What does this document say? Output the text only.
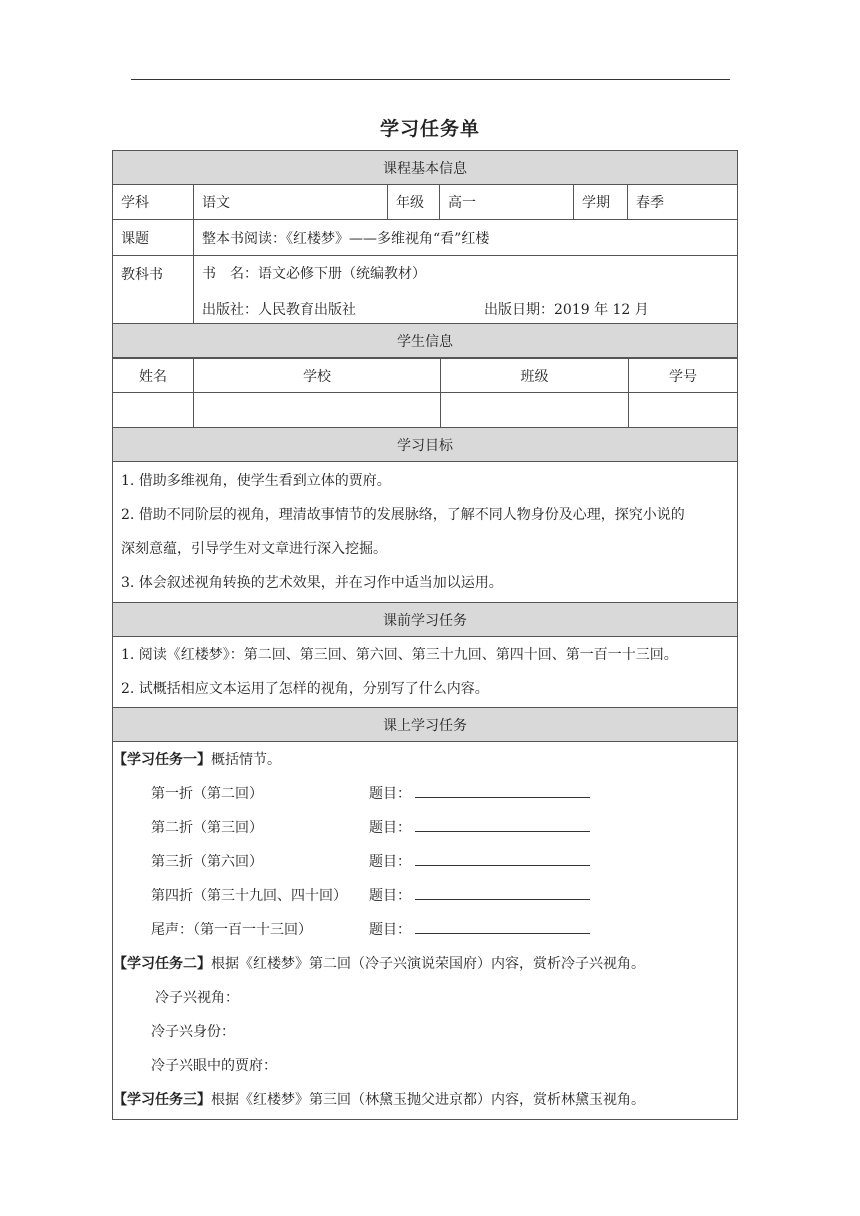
学习任务单
课程基本信息					
学科	语文	年级	高一	学期	春季
课题	整本书阅读：《红楼梦》——多维视角“看”红楼				
教科书	书　名：语文必修下册（统编教材）
出版社：人民教育出版社 出版日期：2019 年 12 月				

学生信息					
姓名	学校	班级	学号

学习目标

1. 借助多维视角，使学生看到立体的贾府。

2. 借助不同阶层的视角，理清故事情节的发展脉络，了解不同人物身份及心理，探究小说的

深刻意蕴，引导学生对文章进行深入挖掘。

3. 体会叙述视角转换的艺术效果，并在习作中适当加以运用。

课前学习任务

1. 阅读《红楼梦》：第二回、第三回、第六回、第三十九回、第四十回、第一百一十三回。

2. 试概括相应文本运用了怎样的视角，分别写了什么内容。

课上学习任务

【学习任务一】概括情节。
第一折（第二回）	题目：
第二折（第三回）	题目：
第三折（第六回）	题目：
第四折（第三十九回、四十回） 题目：
尾声：（第一百一十三回）	题目：
【学习任务二】根据《红楼梦》第二回（冷子兴演说荣国府）内容，赏析冷子兴视角。
冷子兴视角：
冷子兴身份：
冷子兴眼中的贾府：
【学习任务三】根据《红楼梦》第三回（林黛玉抛父进京都）内容，赏析林黛玉视角。
